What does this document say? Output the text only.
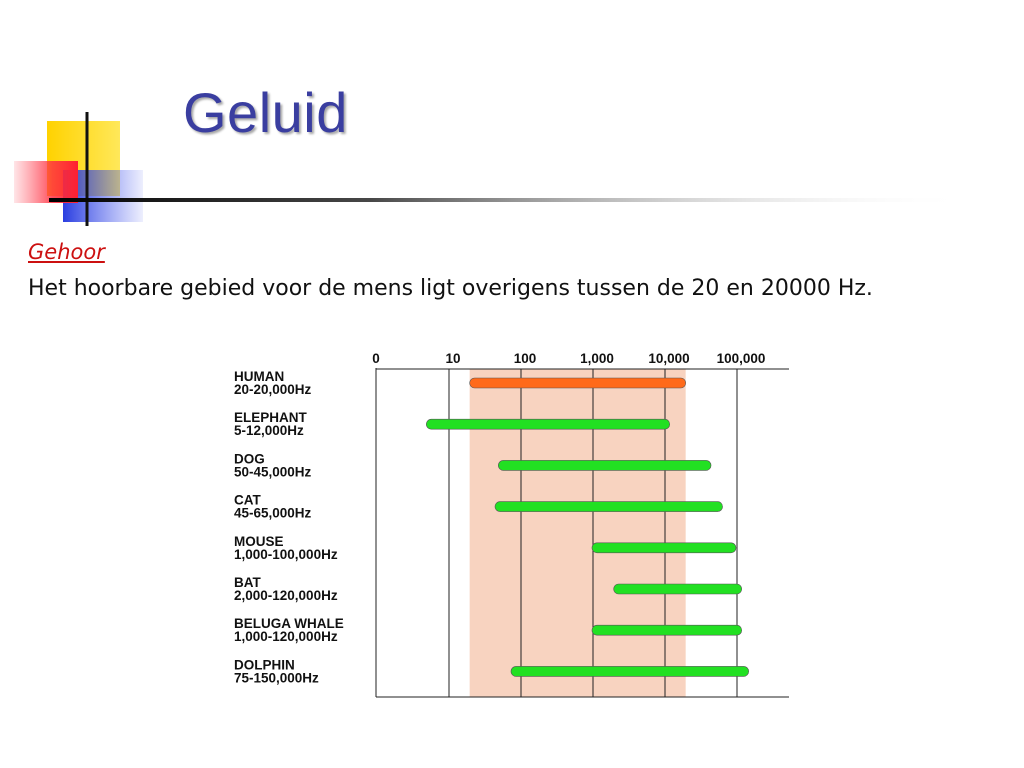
Geluid
Gehoor
Het hoorbare gebied voor de mens ligt overigens tussen de 20 en 20000 Hz.
0	10	100	1,000	10,000 100,000
HUMAN
20-20,000Hz
ELEPHANT
5-12,000Hz
DOG
50-45,000Hz
CAT
45-65,000Hz
MOUSE
1,000-100,000Hz
BAT
2,000-120,000Hz
BELUGA WHALE
1,000-120,000Hz
DOLPHIN
75-150,000Hz
